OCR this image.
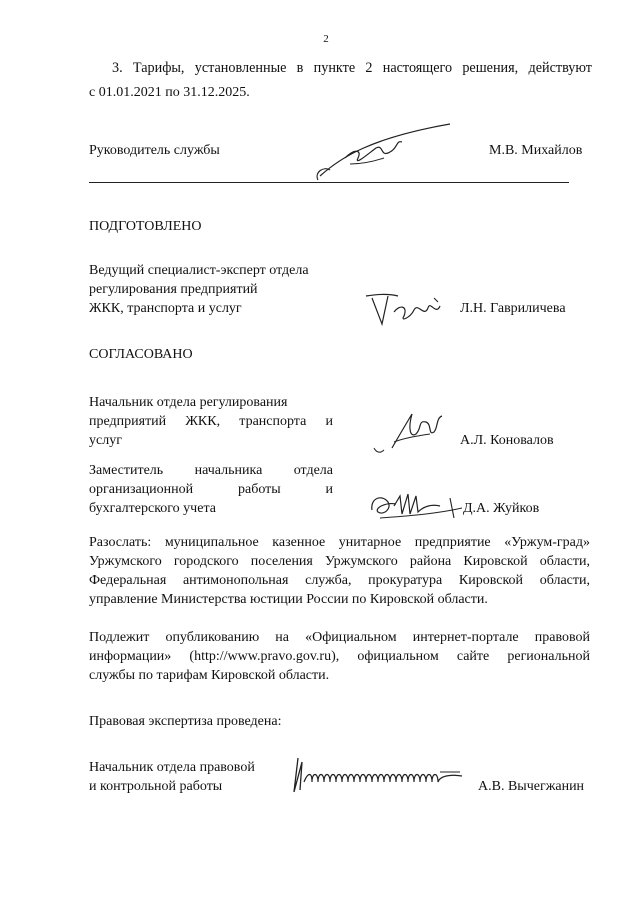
2
3. Тарифы, установленные в пункте 2 настоящего решения, действуют
с 01.01.2021 по 31.12.2025.
Руководитель службы	М.В. Михайлов
ПОДГОТОВЛЕНО
Ведущий специалист-эксперт отдела
регулирования предприятий
ЖКК, транспорта и услуг	Л.Н. Гавриличева
СОГЛАСОВАНО
Начальник отдела регулирования
предприятий ЖКК, транспорта и
услуг	А.Л. Коновалов
Заместитель начальника отдела
организационной работы и
бухгалтерского учета	Д.А. Жуйков
Разослать: муниципальное казенное унитарное предприятие «Уржум-град»
Уржумского городского поселения Уржумского района Кировской области,
Федеральная антимонопольная служба, прокуратура Кировской области,
управление Министерства юстиции России по Кировской области.
Подлежит опубликованию на «Официальном интернет-портале правовой
информации» (http://www.pravo.gov.ru), официальном сайте региональной
службы по тарифам Кировской области.
Правовая экспертиза проведена:
Начальник отдела правовой
и контрольной работы	А.В. Вычегжанин
